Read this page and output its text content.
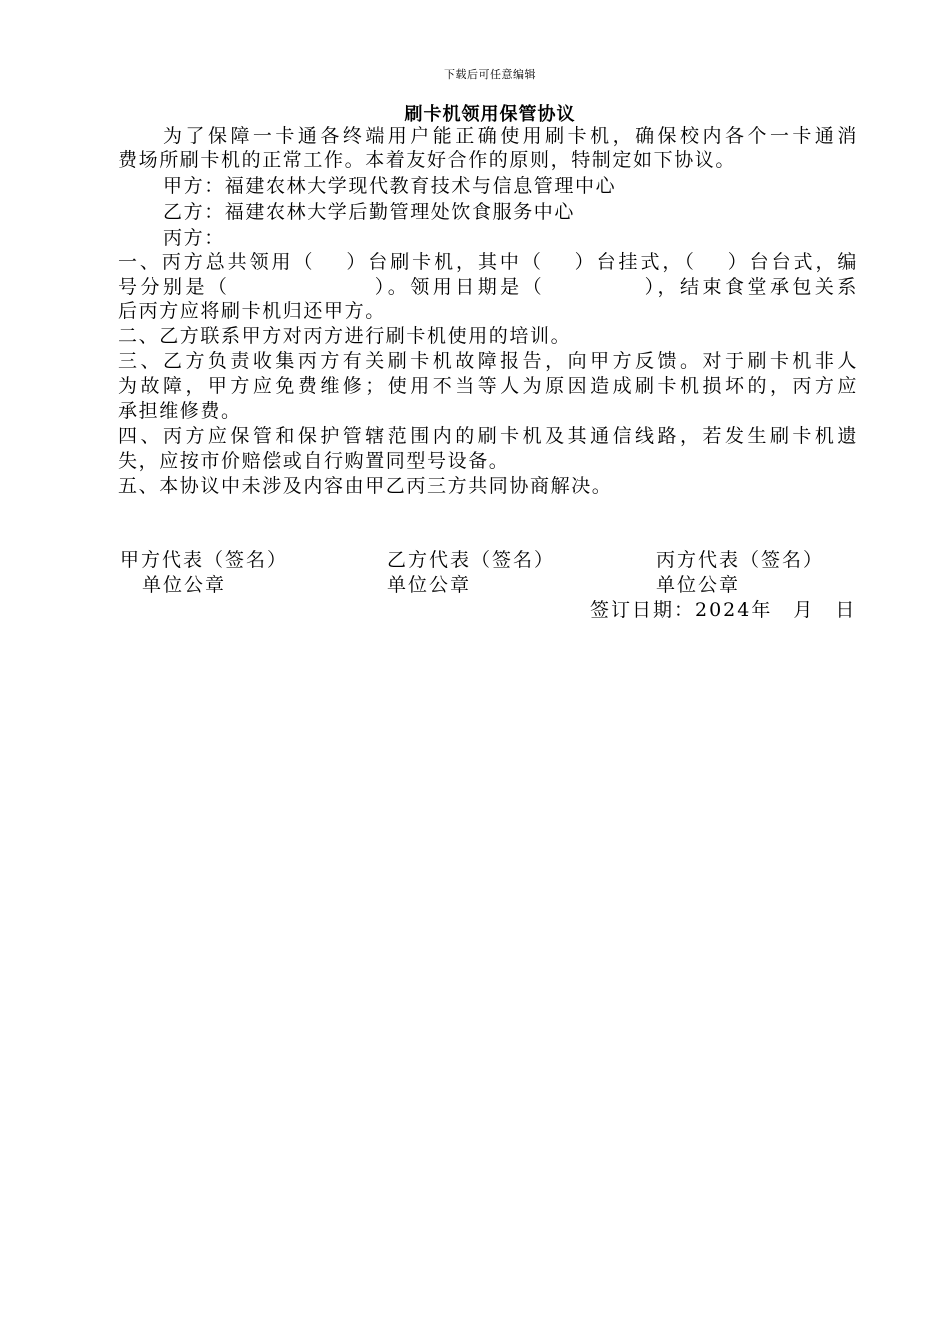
下载后可任意编辑
刷卡机领用保管协议
为了保障一卡通各终端用户能正确使用刷卡机，确保校内各个一卡通消
费场所刷卡机的正常工作。本着友好合作的原则，特制定如下协议。
甲方：福建农林大学现代教育技术与信息管理中心
乙方：福建农林大学后勤管理处饮食服务中心
丙方：
一、丙方总共领用（　 ）台刷卡机，其中（　 ）台挂式，（　 ）台台式，编
号分别是（　　　　　　 ）。领用日期是（　　　　 ），结束食堂承包关系
后丙方应将刷卡机归还甲方。
二、乙方联系甲方对丙方进行刷卡机使用的培训。
三、乙方负责收集丙方有关刷卡机故障报告，向甲方反馈。对于刷卡机非人
为故障，甲方应免费维修；使用不当等人为原因造成刷卡机损坏的，丙方应
承担维修费。
四、丙方应保管和保护管辖范围内的刷卡机及其通信线路，若发生刷卡机遗
失，应按市价赔偿或自行购置同型号设备。
五、本协议中未涉及内容由甲乙丙三方共同协商解决。
甲方代表（签名）	乙方代表（签名）	丙方代表（签名）
单位公章	单位公章	单位公章
签订日期：2024年　月　日
